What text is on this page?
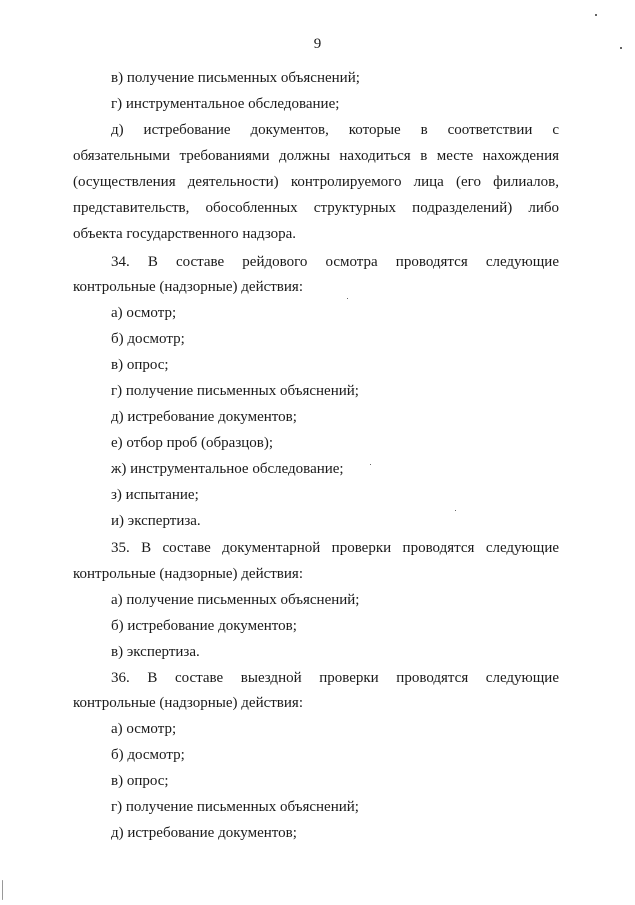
9
в) получение письменных объяснений;
г) инструментальное обследование;
д) истребование документов, которые в соответствии с
обязательными требованиями должны находиться в месте нахождения
(осуществления деятельности) контролируемого лица (его филиалов,
представительств, обособленных структурных подразделений) либо
объекта государственного надзора.
34. В составе рейдового осмотра проводятся следующие
контрольные (надзорные) действия:
а) осмотр;
б) досмотр;
в) опрос;
г) получение письменных объяснений;
д) истребование документов;
е) отбор проб (образцов);
ж) инструментальное обследование;
з) испытание;
и) экспертиза.
35. В составе документарной проверки проводятся следующие
контрольные (надзорные) действия:
а) получение письменных объяснений;
б) истребование документов;
в) экспертиза.
36. В составе выездной проверки проводятся следующие
контрольные (надзорные) действия:
а) осмотр;
б) досмотр;
в) опрос;
г) получение письменных объяснений;
д) истребование документов;
